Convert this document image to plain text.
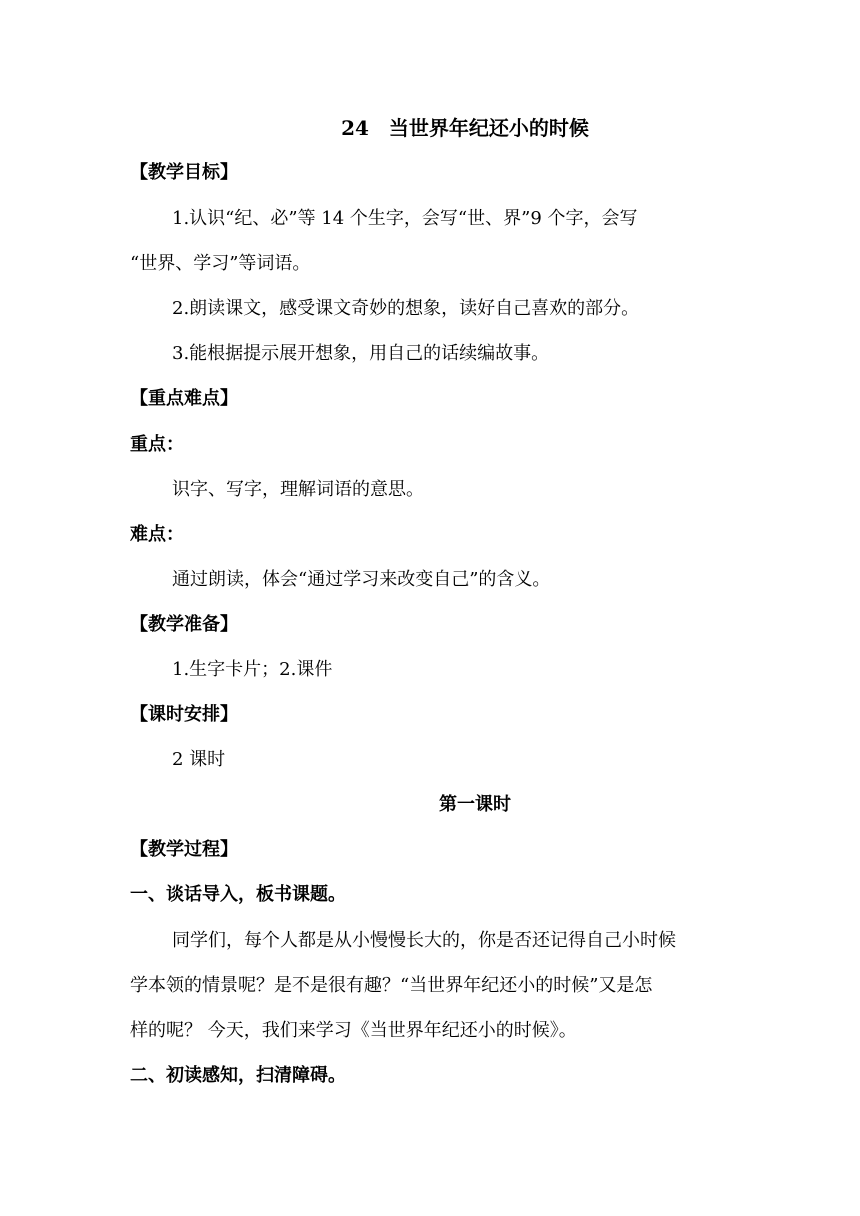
24　当世界年纪还小的时候
【教学目标】
1.认识“纪、必”等 14 个生字，会写“世、界”9 个字，会写
“世界、学习”等词语。
2.朗读课文，感受课文奇妙的想象，读好自己喜欢的部分。
3.能根据提示展开想象，用自己的话续编故事。
【重点难点】
重点：
识字、写字，理解词语的意思。
难点：
通过朗读，体会“通过学习来改变自己”的含义。
【教学准备】
1.生字卡片；2.课件
【课时安排】
2 课时
第一课时
【教学过程】
一、谈话导入，板书课题。
同学们，每个人都是从小慢慢长大的，你是否还记得自己小时候
学本领的情景呢？是不是很有趣？“当世界年纪还小的时候”又是怎
样的呢？ 今天，我们来学习《当世界年纪还小的时候》。
二、初读感知，扫清障碍。
